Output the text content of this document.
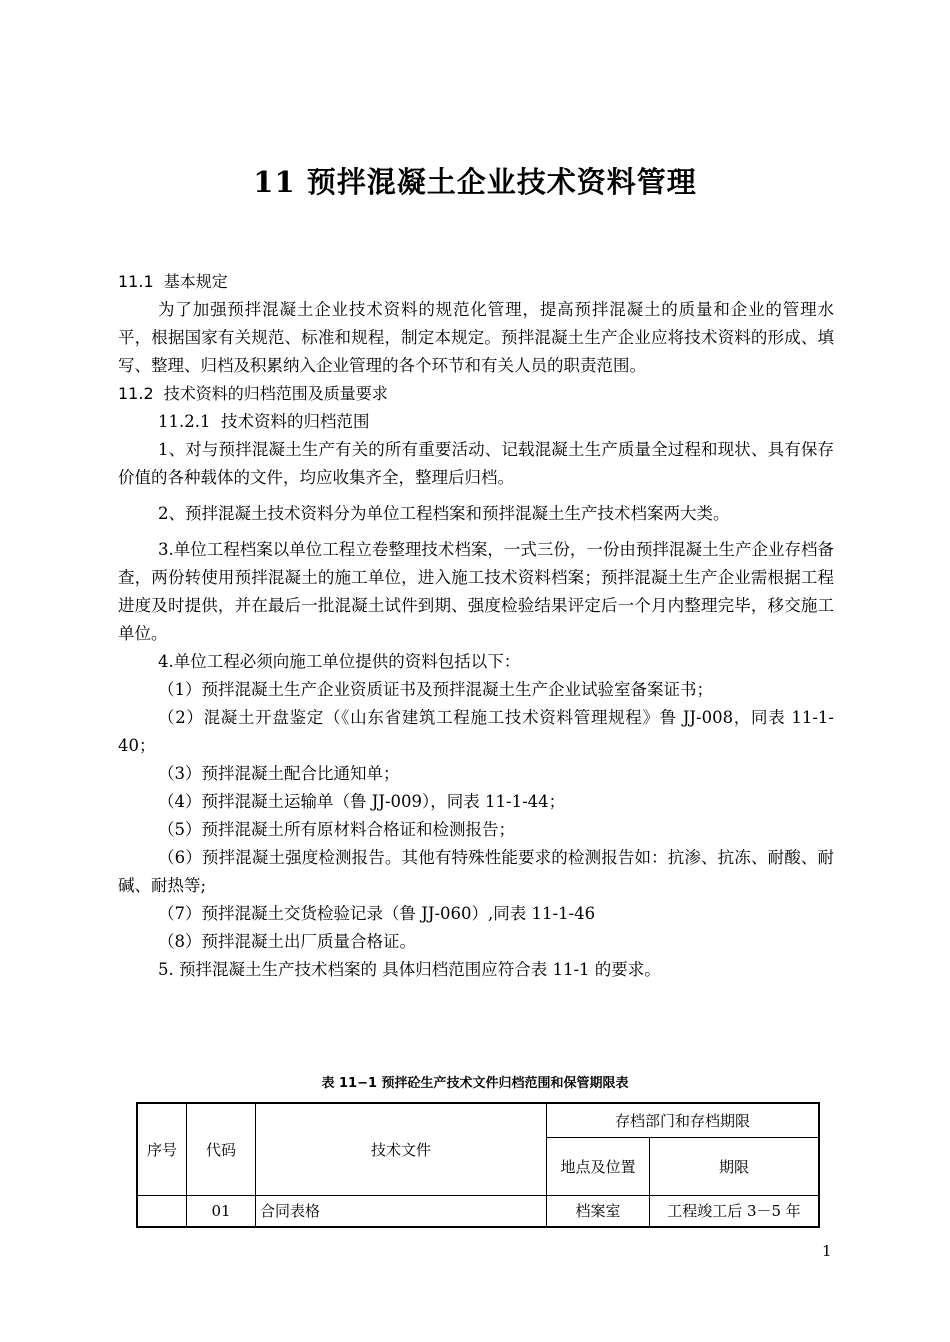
11 预拌混凝土企业技术资料管理

11.1  基本规定

为了加强预拌混凝土企业技术资料的规范化管理，提高预拌混凝土的质量和企业的管理水平，根据国家有关规范、标准和规程，制定本规定。预拌混凝土生产企业应将技术资料的形成、填写、整理、归档及积累纳入企业管理的各个环节和有关人员的职责范围。

11.2  技术资料的归档范围及质量要求

11.2.1  技术资料的归档范围

1、对与预拌混凝土生产有关的所有重要活动、记载混凝土生产质量全过程和现状、具有保存价值的各种载体的文件，均应收集齐全，整理后归档。

2、预拌混凝土技术资料分为单位工程档案和预拌混凝土生产技术档案两大类。

3.单位工程档案以单位工程立卷整理技术档案，一式三份，一份由预拌混凝土生产企业存档备查，两份转使用预拌混凝土的施工单位，进入施工技术资料档案；预拌混凝土生产企业需根据工程进度及时提供，并在最后一批混凝土试件到期、强度检验结果评定后一个月内整理完毕，移交施工单位。

4.单位工程必须向施工单位提供的资料包括以下：

（1）预拌混凝土生产企业资质证书及预拌混凝土生产企业试验室备案证书；

（2）混凝土开盘鉴定（《山东省建筑工程施工技术资料管理规程》鲁 JJ-008，同表 11-1-40；

（3）预拌混凝土配合比通知单；

（4）预拌混凝土运输单（鲁 JJ-009），同表 11-1-44；

（5）预拌混凝土所有原材料合格证和检测报告；

（6）预拌混凝土强度检测报告。其他有特殊性能要求的检测报告如：抗渗、抗冻、耐酸、耐碱、耐热等;

（7）预拌混凝土交货检验记录（鲁 JJ-060）,同表 11-1-46

（8）预拌混凝土出厂质量合格证。

5. 预拌混凝土生产技术档案的 具体归档范围应符合表 11-1 的要求。

表 11−1 预拌砼生产技术文件归档范围和保管期限表
序号	代码	技术文件	存档部门和存档期限	
			地点及位置	期限
	01	合同表格	档案室	工程竣工后 3－5 年
1
